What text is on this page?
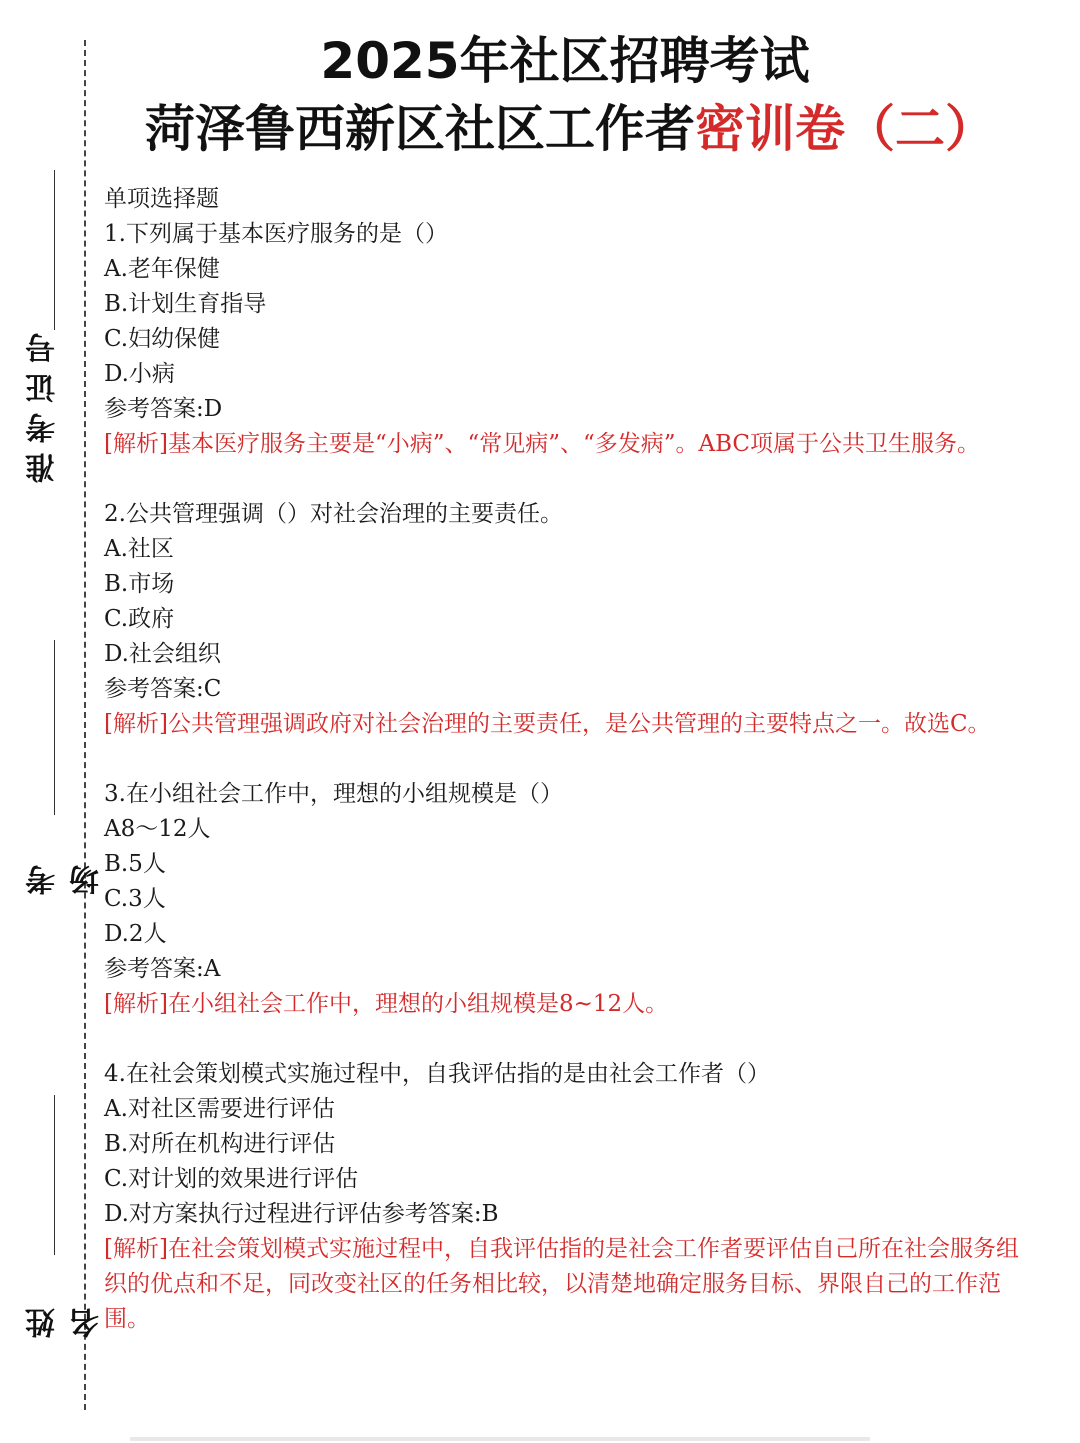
2025年社区招聘考试
菏泽鲁西新区社区工作者密训卷（二）
准考证号
考场
姓名

单项选择题

1.下列属于基本医疗服务的是（）

A.老年保健

B.计划生育指导

C.妇幼保健

D.小病

参考答案:D

[解析]基本医疗服务主要是“小病”、“常见病”、“多发病”。ABC项属于公共卫生服务。

2.公共管理强调（）对社会治理的主要责任。

A.社区

B.市场

C.政府

D.社会组织

参考答案:C

[解析]公共管理强调政府对社会治理的主要责任，是公共管理的主要特点之一。故选C。

3.在小组社会工作中，理想的小组规模是（）

A8～12人

B.5人

C.3人

D.2人

参考答案:A

[解析]在小组社会工作中，理想的小组规模是8~12人。

4.在社会策划模式实施过程中，自我评估指的是由社会工作者（）

A.对社区需要进行评估

B.对所在机构进行评估

C.对计划的效果进行评估

D.对方案执行过程进行评估参考答案:B

[解析]在社会策划模式实施过程中，自我评估指的是社会工作者要评估自己所在社会服务组织的优点和不足，同改变社区的任务相比较，以清楚地确定服务目标、界限自己的工作范围。
